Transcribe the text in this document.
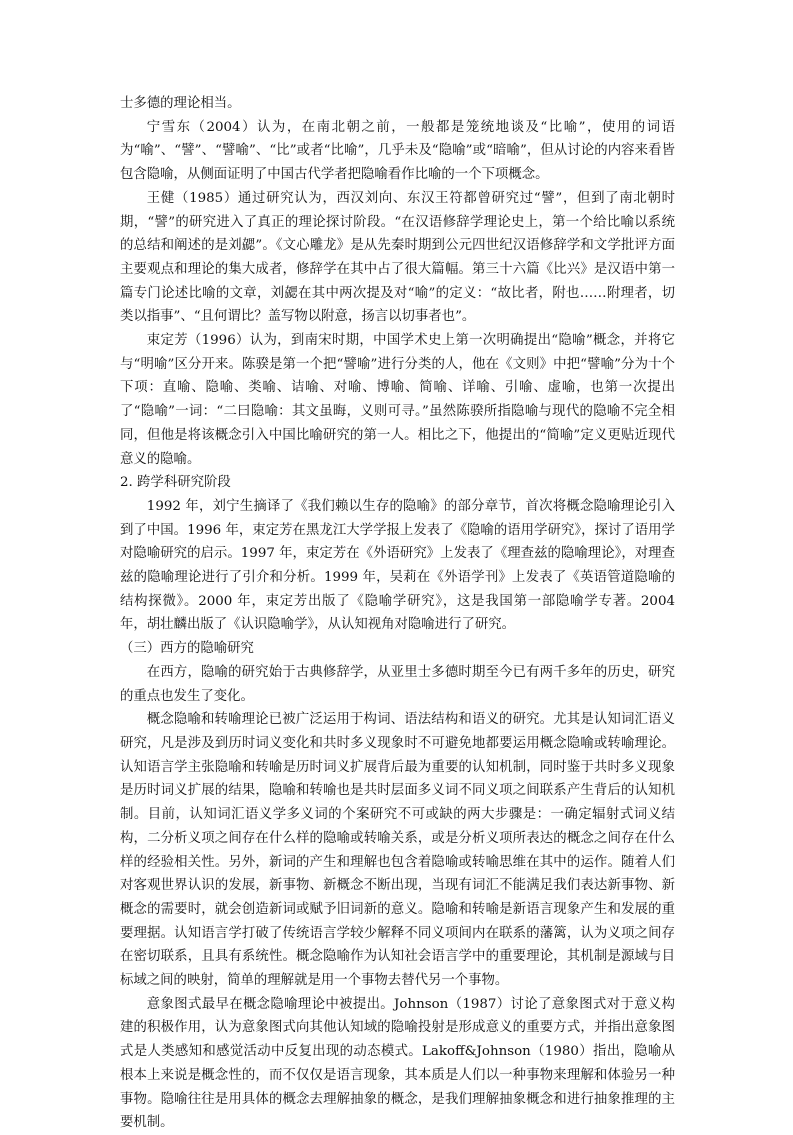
士多德的理论相当。

宁雪东（2004）认为，在南北朝之前，一般都是笼统地谈及“比喻”，使用的词语为“喻”、“譬”、“譬喻”、“比”或者“比喻”，几乎未及“隐喻”或“暗喻”，但从讨论的内容来看皆包含隐喻，从侧面证明了中国古代学者把隐喻看作比喻的一个下项概念。

王健（1985）通过研究认为，西汉刘向、东汉王符都曾研究过“譬”，但到了南北朝时期，“譬”的研究进入了真正的理论探讨阶段。“在汉语修辞学理论史上，第一个给比喻以系统的总结和阐述的是刘勰”。《文心雕龙》是从先秦时期到公元四世纪汉语修辞学和文学批评方面主要观点和理论的集大成者，修辞学在其中占了很大篇幅。第三十六篇《比兴》是汉语中第一篇专门论述比喻的文章，刘勰在其中两次提及对“喻”的定义：“故比者，附也……附理者，切类以指事”、“且何谓比？盖写物以附意，扬言以切事者也”。

束定芳（1996）认为，到南宋时期，中国学术史上第一次明确提出“隐喻”概念，并将它与“明喻”区分开来。陈骙是第一个把“譬喻”进行分类的人，他在《文则》中把“譬喻”分为十个下项：直喻、隐喻、类喻、诘喻、对喻、博喻、简喻、详喻、引喻、虚喻，也第一次提出了“隐喻”一词：“二曰隐喻：其文虽晦，义则可寻。”虽然陈骙所指隐喻与现代的隐喻不完全相同，但他是将该概念引入中国比喻研究的第一人。相比之下，他提出的“简喻”定义更贴近现代意义的隐喻。

2. 跨学科研究阶段

1992 年，刘宁生摘译了《我们赖以生存的隐喻》的部分章节，首次将概念隐喻理论引入到了中国。1996 年，束定芳在黑龙江大学学报上发表了《隐喻的语用学研究》，探讨了语用学对隐喻研究的启示。1997 年，束定芳在《外语研究》上发表了《理查兹的隐喻理论》，对理查兹的隐喻理论进行了引介和分析。1999 年，吴莉在《外语学刊》上发表了《英语管道隐喻的结构探微》。2000 年，束定芳出版了《隐喻学研究》，这是我国第一部隐喻学专著。2004 年，胡壮麟出版了《认识隐喻学》，从认知视角对隐喻进行了研究。

（三）西方的隐喻研究

在西方，隐喻的研究始于古典修辞学，从亚里士多德时期至今已有两千多年的历史，研究的重点也发生了变化。

概念隐喻和转喻理论已被广泛运用于构词、语法结构和语义的研究。尤其是认知词汇语义研究，凡是涉及到历时词义变化和共时多义现象时不可避免地都要运用概念隐喻或转喻理论。认知语言学主张隐喻和转喻是历时词义扩展背后最为重要的认知机制，同时鉴于共时多义现象是历时词义扩展的结果，隐喻和转喻也是共时层面多义词不同义项之间联系产生背后的认知机制。目前，认知词汇语义学多义词的个案研究不可或缺的两大步骤是：一确定辐射式词义结构，二分析义项之间存在什么样的隐喻或转喻关系，或是分析义项所表达的概念之间存在什么样的经验相关性。另外，新词的产生和理解也包含着隐喻或转喻思维在其中的运作。随着人们对客观世界认识的发展，新事物、新概念不断出现，当现有词汇不能满足我们表达新事物、新概念的需要时，就会创造新词或赋予旧词新的意义。隐喻和转喻是新语言现象产生和发展的重要理据。认知语言学打破了传统语言学较少解释不同义项间内在联系的藩篱，认为义项之间存在密切联系，且具有系统性。概念隐喻作为认知社会语言学中的重要理论，其机制是源域与目标域之间的映射，简单的理解就是用一个事物去替代另一个事物。

意象图式最早在概念隐喻理论中被提出。Johnson（1987）讨论了意象图式对于意义构建的积极作用，认为意象图式向其他认知域的隐喻投射是形成意义的重要方式，并指出意象图式是人类感知和感觉活动中反复出现的动态模式。Lakoff&Johnson（1980）指出，隐喻从根本上来说是概念性的，而不仅仅是语言现象，其本质是人们以一种事物来理解和体验另一种事物。隐喻往往是用具体的概念去理解抽象的概念，是我们理解抽象概念和进行抽象推理的主要机制。
